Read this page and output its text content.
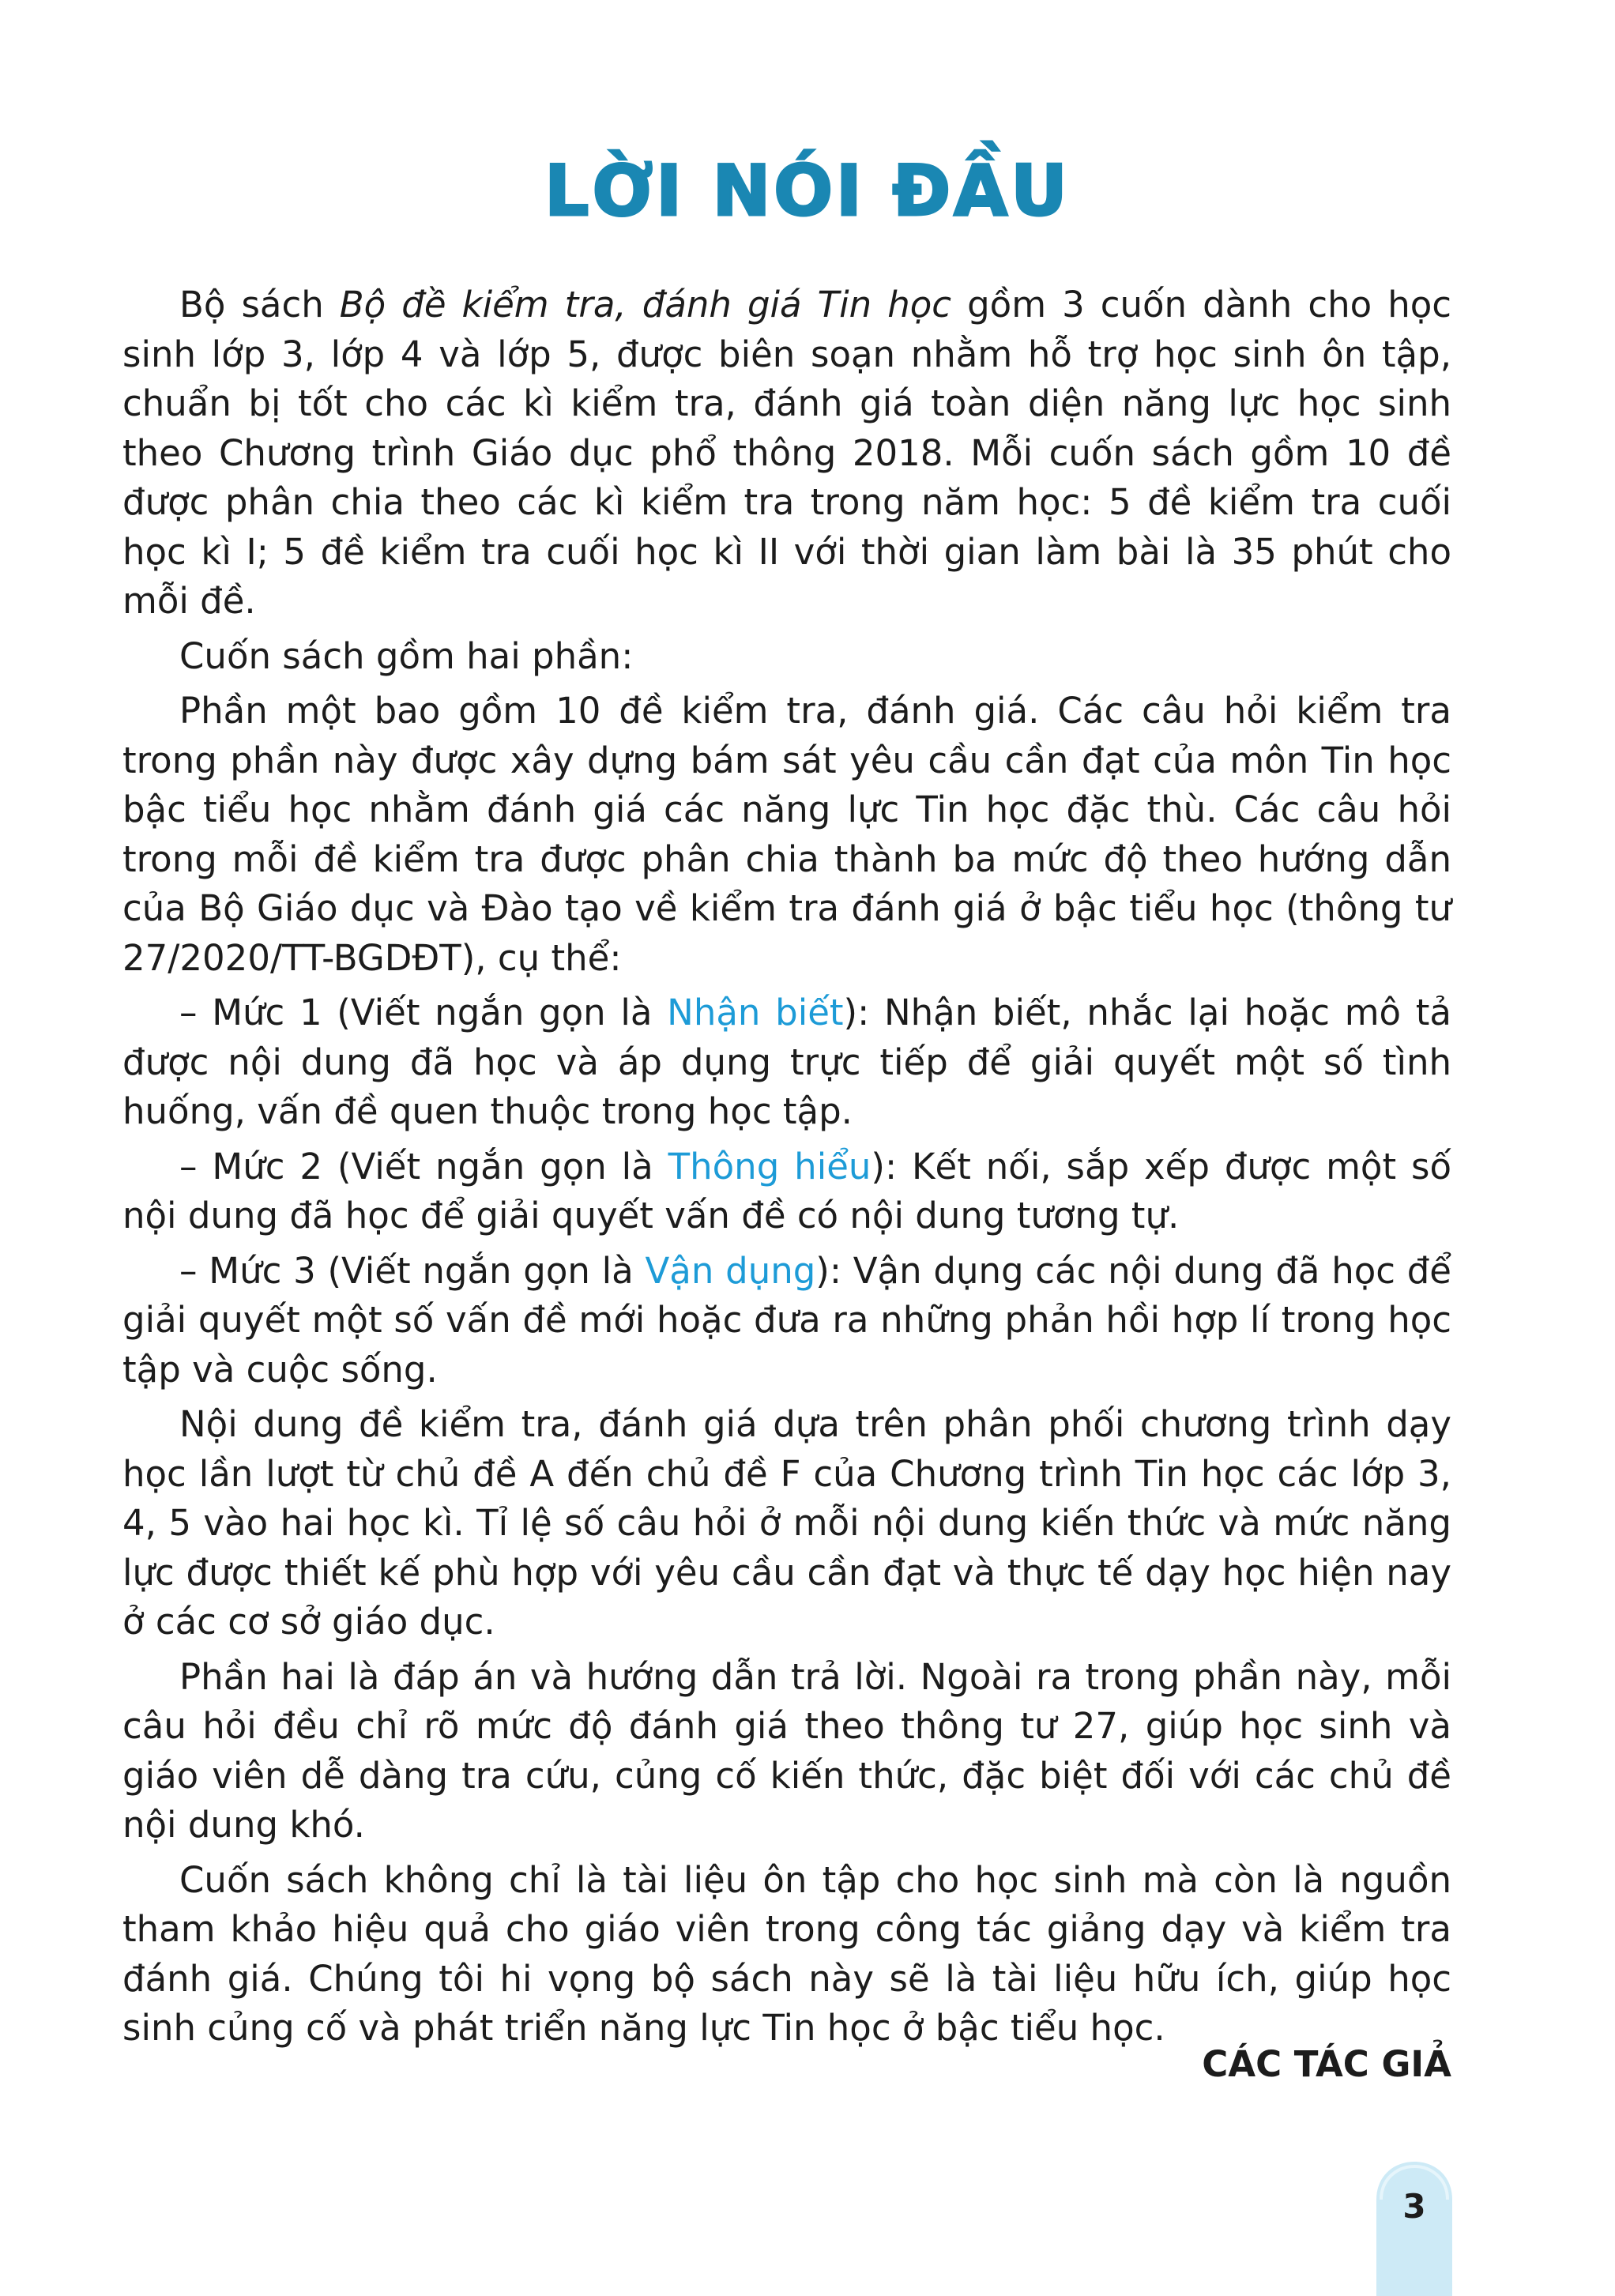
LỜI NÓI ĐẦU

Bộ sách Bộ đề kiểm tra, đánh giá Tin học gồm 3 cuốn dành cho học sinh lớp 3, lớp 4 và lớp 5, được biên soạn nhằm hỗ trợ học sinh ôn tập, chuẩn bị tốt cho các kì kiểm tra, đánh giá toàn diện năng lực học sinh theo Chương trình Giáo dục phổ thông 2018. Mỗi cuốn sách gồm 10 đề được phân chia theo các kì kiểm tra trong năm học: 5 đề kiểm tra cuối học kì I; 5 đề kiểm tra cuối học kì II với thời gian làm bài là 35 phút cho mỗi đề.

Cuốn sách gồm hai phần:

Phần một bao gồm 10 đề kiểm tra, đánh giá. Các câu hỏi kiểm tra trong phần này được xây dựng bám sát yêu cầu cần đạt của môn Tin học bậc tiểu học nhằm đánh giá các năng lực Tin học đặc thù. Các câu hỏi trong mỗi đề kiểm tra được phân chia thành ba mức độ theo hướng dẫn của Bộ Giáo dục và Đào tạo về kiểm tra đánh giá ở bậc tiểu học (thông tư 27/2020/TT-BGDĐT), cụ thể:

– Mức 1 (Viết ngắn gọn là Nhận biết): Nhận biết, nhắc lại hoặc mô tả được nội dung đã học và áp dụng trực tiếp để giải quyết một số tình huống, vấn đề quen thuộc trong học tập.

– Mức 2 (Viết ngắn gọn là Thông hiểu): Kết nối, sắp xếp được một số nội dung đã học để giải quyết vấn đề có nội dung tương tự.

– Mức 3 (Viết ngắn gọn là Vận dụng): Vận dụng các nội dung đã học để giải quyết một số vấn đề mới hoặc đưa ra những phản hồi hợp lí trong học tập và cuộc sống.

Nội dung đề kiểm tra, đánh giá dựa trên phân phối chương trình dạy học lần lượt từ chủ đề A đến chủ đề F của Chương trình Tin học các lớp 3, 4, 5 vào hai học kì. Tỉ lệ số câu hỏi ở mỗi nội dung kiến thức và mức năng lực được thiết kế phù hợp với yêu cầu cần đạt và thực tế dạy học hiện nay ở các cơ sở giáo dục.

Phần hai là đáp án và hướng dẫn trả lời. Ngoài ra trong phần này, mỗi câu hỏi đều chỉ rõ mức độ đánh giá theo thông tư 27, giúp học sinh và giáo viên dễ dàng tra cứu, củng cố kiến thức, đặc biệt đối với các chủ đề nội dung khó.

Cuốn sách không chỉ là tài liệu ôn tập cho học sinh mà còn là nguồn tham khảo hiệu quả cho giáo viên trong công tác giảng dạy và kiểm tra đánh giá. Chúng tôi hi vọng bộ sách này sẽ là tài liệu hữu ích, giúp học sinh củng cố và phát triển năng lực Tin học ở bậc tiểu học.

CÁC TÁC GIẢ
3
